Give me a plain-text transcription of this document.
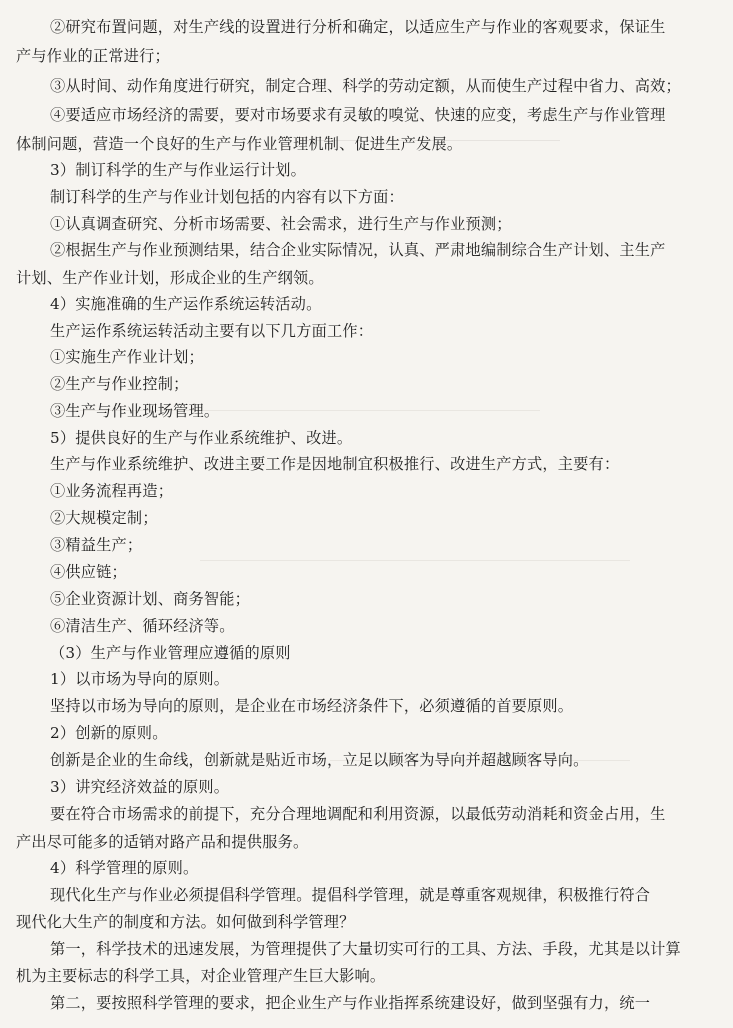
②研究布置问题，对生产线的设置进行分析和确定，以适应生产与作业的客观要求，保证生
产与作业的正常进行；
③从时间、动作角度进行研究，制定合理、科学的劳动定额，从而使生产过程中省力、高效；
④要适应市场经济的需要，要对市场要求有灵敏的嗅觉、快速的应变，考虑生产与作业管理
体制问题，营造一个良好的生产与作业管理机制、促进生产发展。
3）制订科学的生产与作业运行计划。
制订科学的生产与作业计划包括的内容有以下方面：
①认真调查研究、分析市场需要、社会需求，进行生产与作业预测；
②根据生产与作业预测结果，结合企业实际情况，认真、严肃地编制综合生产计划、主生产
计划、生产作业计划，形成企业的生产纲领。
4）实施准确的生产运作系统运转活动。
生产运作系统运转活动主要有以下几方面工作：
①实施生产作业计划；
②生产与作业控制；
③生产与作业现场管理。
5）提供良好的生产与作业系统维护、改进。
生产与作业系统维护、改进主要工作是因地制宜积极推行、改进生产方式，主要有：
①业务流程再造；
②大规模定制；
③精益生产；
④供应链；
⑤企业资源计划、商务智能；
⑥清洁生产、循环经济等。
（3）生产与作业管理应遵循的原则
1）以市场为导向的原则。
坚持以市场为导向的原则，是企业在市场经济条件下，必须遵循的首要原则。
2）创新的原则。
创新是企业的生命线，创新就是贴近市场，立足以顾客为导向并超越顾客导向。
3）讲究经济效益的原则。
要在符合市场需求的前提下，充分合理地调配和利用资源，以最低劳动消耗和资金占用，生
产出尽可能多的适销对路产品和提供服务。
4）科学管理的原则。
现代化生产与作业必须提倡科学管理。提倡科学管理，就是尊重客观规律，积极推行符合
现代化大生产的制度和方法。如何做到科学管理？
第一，科学技术的迅速发展，为管理提供了大量切实可行的工具、方法、手段，尤其是以计算
机为主要标志的科学工具，对企业管理产生巨大影响。
第二，要按照科学管理的要求，把企业生产与作业指挥系统建设好，做到坚强有力，统一
